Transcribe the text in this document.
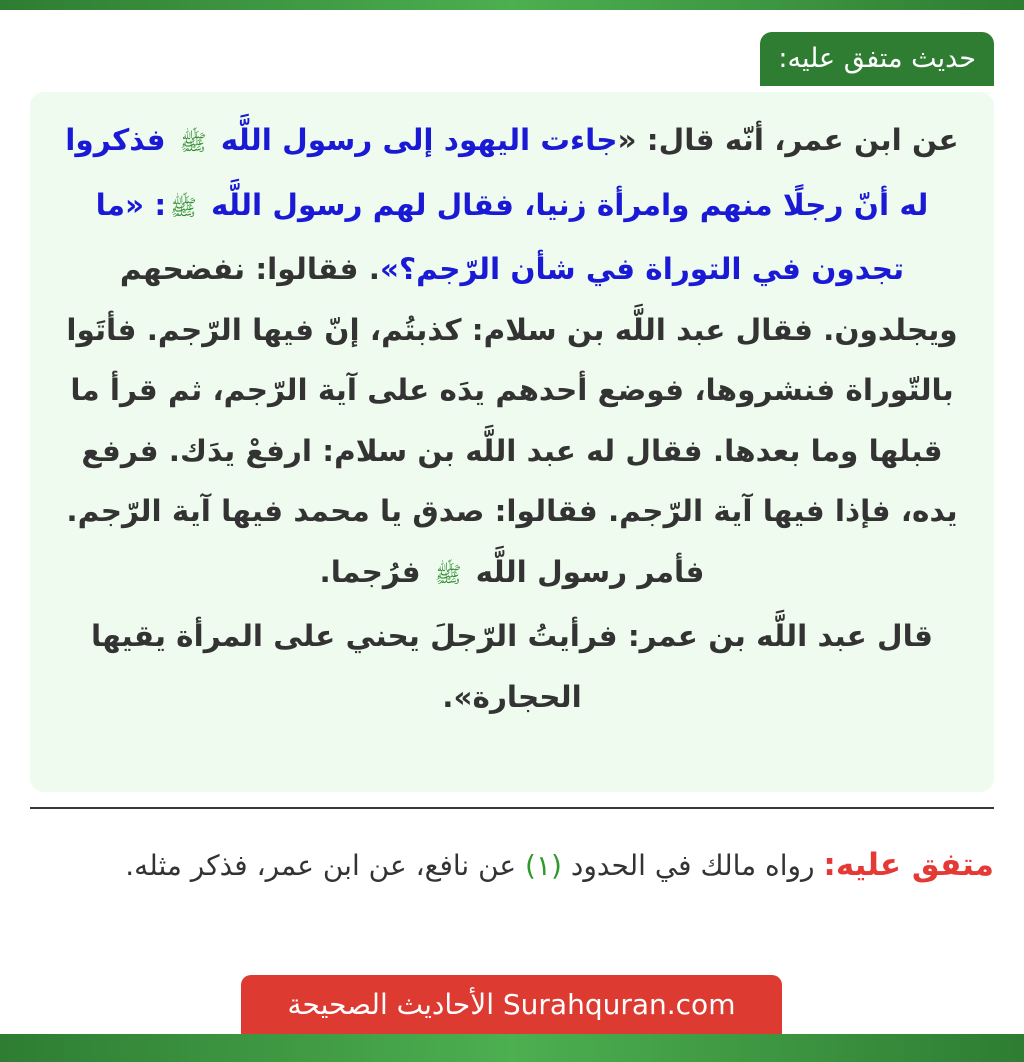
حديث متفق عليه:

عن ابن عمر، أنّه قال: «جاءت اليهود إلى رسول اللَّه ﷺ فذكروا له أنّ رجلًا منهم وامرأة زنيا، فقال لهم رسول اللَّه ﷺ: «ما تجدون في التوراة في شأن الرّجم؟». فقالوا: نفضحهم ويجلدون. فقال عبد اللَّه بن سلام: كذبتُم، إنّ فيها الرّجم. فأتَوا بالتّوراة فنشروها، فوضع أحدهم يدَه على آية الرّجم، ثم قرأ ما قبلها وما بعدها. فقال له عبد اللَّه بن سلام: ارفعْ يدَك. فرفع يده، فإذا فيها آية الرّجم. فقالوا: صدق يا محمد فيها آية الرّجم. فأمر رسول اللَّه ﷺ فرُجما.
قال عبد اللَّه بن عمر: فرأيتُ الرّجلَ يحني على المرأة يقيها الحجارة».

متفق عليه: رواه مالك في الحدود (١) عن نافع، عن ابن عمر، فذكر مثله.

Surahquran.com الأحاديث الصحيحة
